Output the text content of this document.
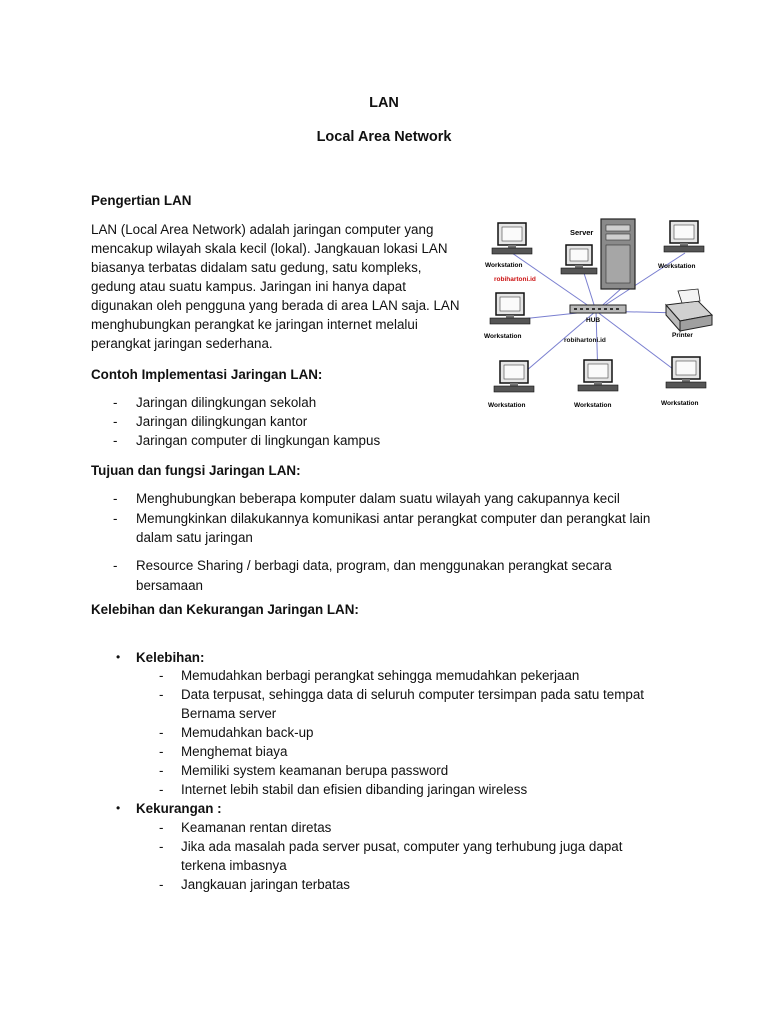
LAN
Local Area Network
Pengertian LAN
LAN (Local Area Network) adalah jaringan computer yang
mencakup wilayah skala kecil (lokal). Jangkauan lokasi LAN
biasanya terbatas didalam satu gedung, satu kompleks,
gedung atau suatu kampus. Jaringan ini hanya dapat
digunakan oleh pengguna yang berada di area LAN saja. LAN
menghubungkan perangkat ke jaringan internet melalui
perangkat jaringan sederhana.
Server
HUB
Printer
Workstation	Workstation
Workstation
Workstation	Workstation	Workstation
robihartoni.id
robihartoni.id
Contoh Implementasi Jaringan LAN:
- Jaringan dilingkungan sekolah
- Jaringan dilingkungan kantor
- Jaringan computer di lingkungan kampus
Tujuan dan fungsi Jaringan LAN:
- Menghubungkan beberapa komputer dalam suatu wilayah yang cakupannya kecil
- Memungkinkan dilakukannya komunikasi antar perangkat computer dan perangkat lain
dalam satu jaringan
- Resource Sharing / berbagi data, program, dan menggunakan perangkat secara
bersamaan
Kelebihan dan Kekurangan Jaringan LAN:
• Kelebihan:
- Memudahkan berbagi perangkat sehingga memudahkan pekerjaan
- Data terpusat, sehingga data di seluruh computer tersimpan pada satu tempat
Bernama server
- Memudahkan back-up
- Menghemat biaya
- Memiliki system keamanan berupa password
- Internet lebih stabil dan efisien dibanding jaringan wireless
• Kekurangan :
- Keamanan rentan diretas
- Jika ada masalah pada server pusat, computer yang terhubung juga dapat
terkena imbasnya
- Jangkauan jaringan terbatas
